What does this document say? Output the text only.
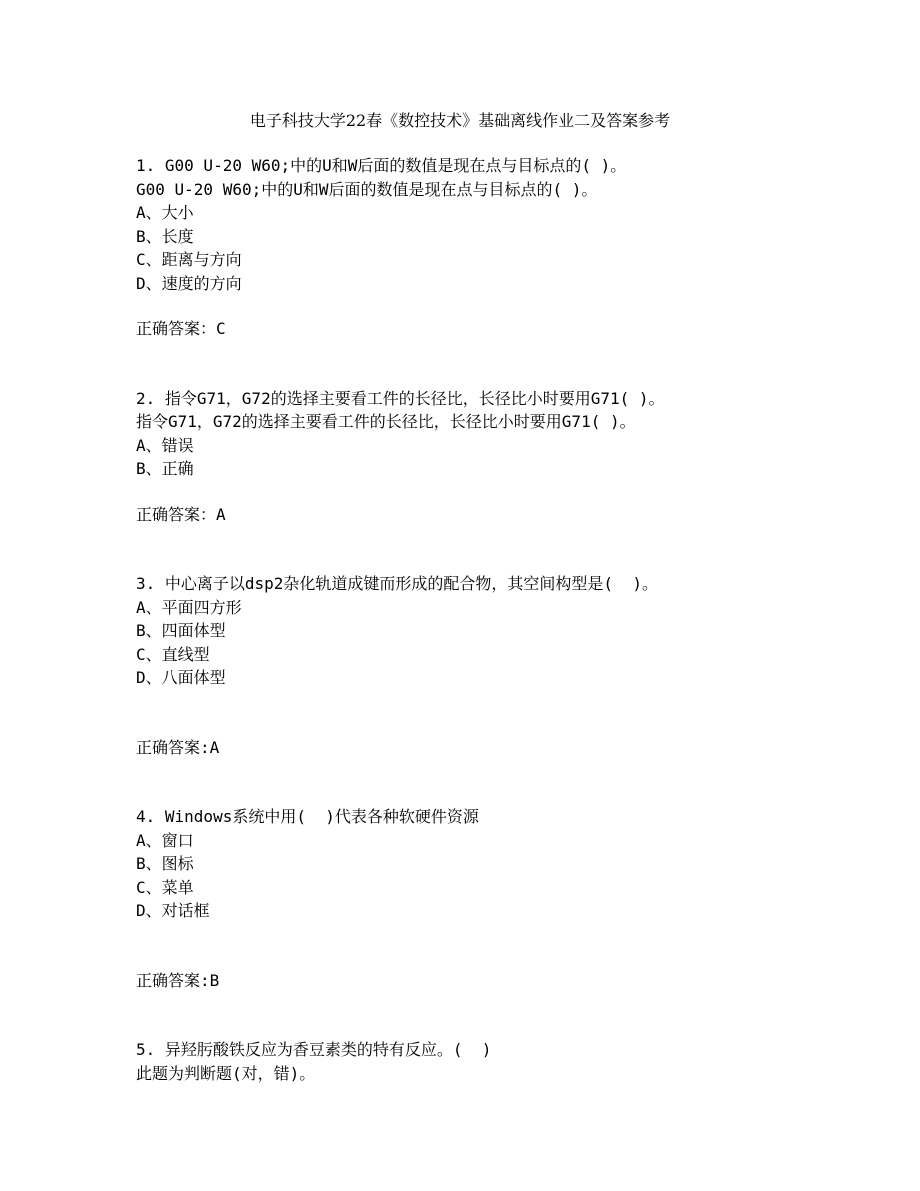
电子科技大学22春《数控技术》基础离线作业二及答案参考
1. G00 U-20 W60;中的U和W后面的数值是现在点与目标点的( )。
G00 U-20 W60;中的U和W后面的数值是现在点与目标点的( )。
A、大小
B、长度
C、距离与方向
D、速度的方向
正确答案：C
2. 指令G71，G72的选择主要看工件的长径比，长径比小时要用G71( )。
指令G71，G72的选择主要看工件的长径比，长径比小时要用G71( )。
A、错误
B、正确
正确答案：A
3. 中心离子以dsp2杂化轨道成键而形成的配合物，其空间构型是(  )。
A、平面四方形
B、四面体型
C、直线型
D、八面体型
正确答案:A
4. Windows系统中用(  )代表各种软硬件资源
A、窗口
B、图标
C、菜单
D、对话框
正确答案:B
5. 异羟肟酸铁反应为香豆素类的特有反应。(  )
此题为判断题(对，错)。
